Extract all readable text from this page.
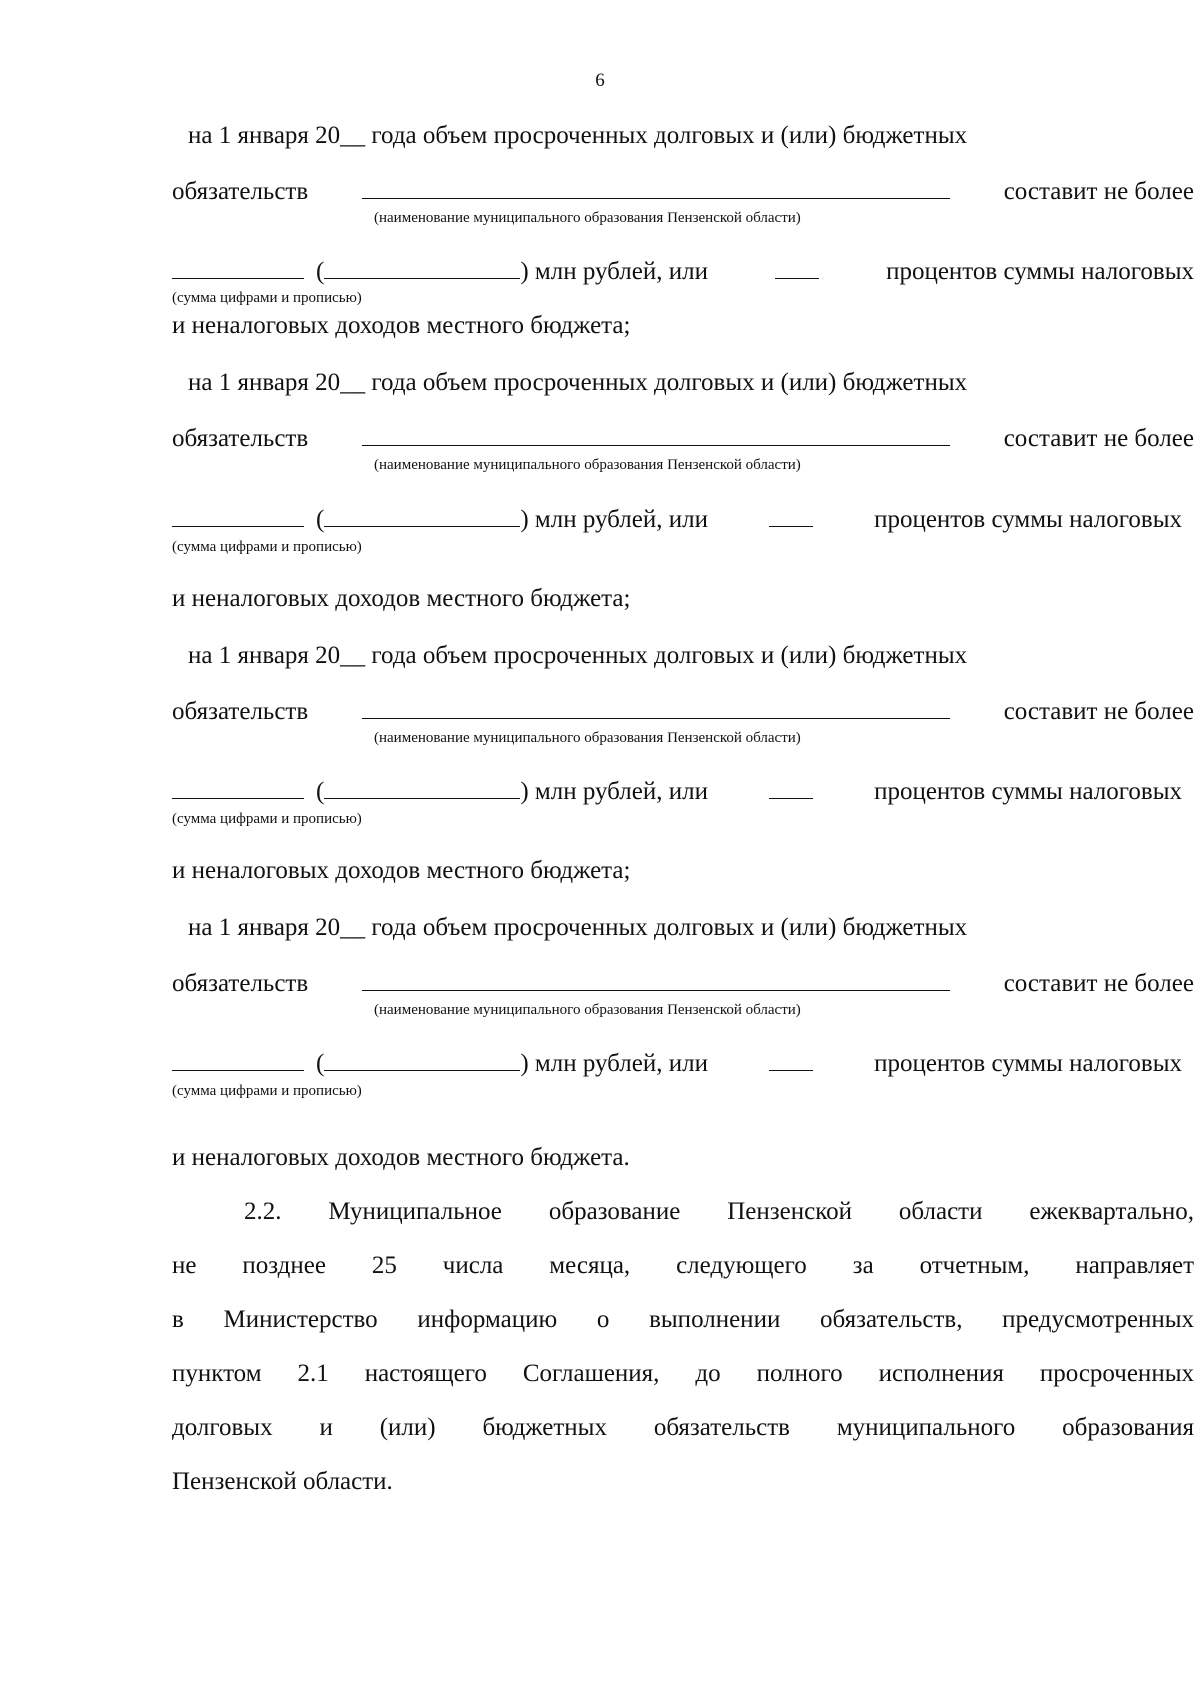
6
на 1 января 20__ года объем просроченных долговых и (или) бюджетных
обязательств	составит не более
(наименование муниципального образования Пензенской области)
(	) млн рублей, или	процентов суммы налоговых
(сумма цифрами и прописью)
и неналоговых доходов местного бюджета;
на 1 января 20__ года объем просроченных долговых и (или) бюджетных
обязательств	составит не более
(наименование муниципального образования Пензенской области)
(	) млн рублей, или	процентов суммы налоговых
(сумма цифрами и прописью)
и неналоговых доходов местного бюджета;
на 1 января 20__ года объем просроченных долговых и (или) бюджетных
обязательств	составит не более
(наименование муниципального образования Пензенской области)
(	) млн рублей, или	процентов суммы налоговых
(сумма цифрами и прописью)
и неналоговых доходов местного бюджета;
на 1 января 20__ года объем просроченных долговых и (или) бюджетных
обязательств	составит не более
(наименование муниципального образования Пензенской области)
(	) млн рублей, или	процентов суммы налоговых
(сумма цифрами и прописью)
и неналоговых доходов местного бюджета.
2.2. Муниципальное образование Пензенской области ежеквартально,
не позднее 25 числа месяца, следующего за отчетным, направляет
в Министерство информацию о выполнении обязательств, предусмотренных
пунктом 2.1 настоящего Соглашения, до полного исполнения просроченных
долговых и (или) бюджетных обязательств муниципального образования
Пензенской области.
